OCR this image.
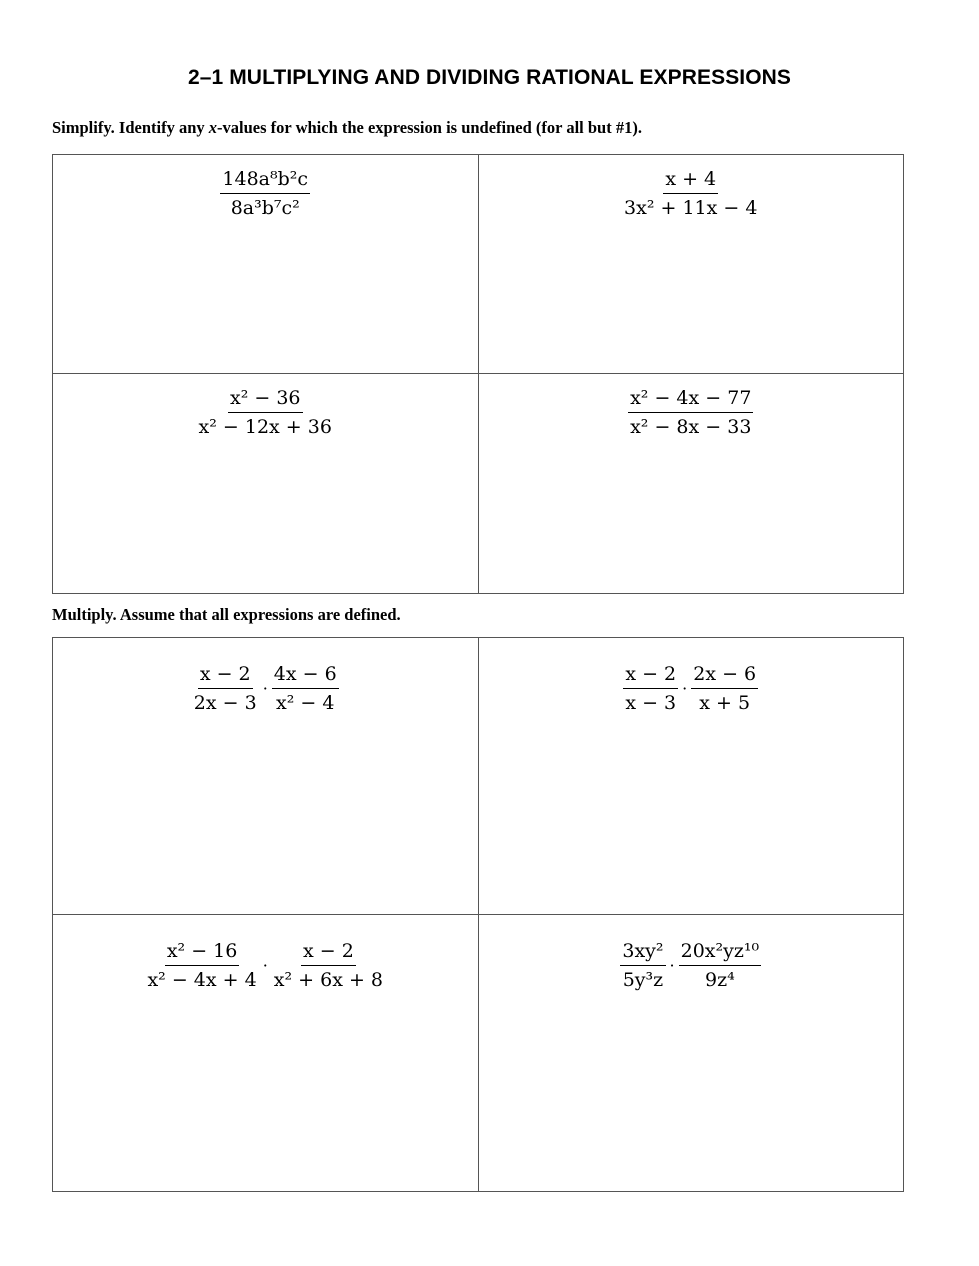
2–1 MULTIPLYING AND DIVIDING RATIONAL EXPRESSIONS
Simplify. Identify any x-values for which the expression is undefined (for all but #1).
$\frac{\text{148a⁸b²c}}{\text{8a³b⁷c²}}$	$\frac{x + 4}{\text{3x² + 11x − 4}}$

$\frac{\text{x² − 36}}{\text{x² − 12x + 36}}$	$\frac{\text{x² − 4x − 77}}{\text{x² − 8x − 33}}$
Multiply. Assume that all expressions are defined.
$\frac{x - 2}{2x - 3} \cdot \frac{4x - 6}{\text{x² − 4}}$	$\frac{x - 2}{x - 3} \cdot \frac{2x - 6}{x + 5}$

$\frac{\text{x² − 16}}{\text{x² − 4x + 4}} \cdot \frac{x - 2}{\text{x² + 6x + 8}}$	$\frac{\text{3xy²}}{\text{5y³z}} \cdot \frac{\text{20x²yz¹⁰}}{\text{9z⁴}}$
